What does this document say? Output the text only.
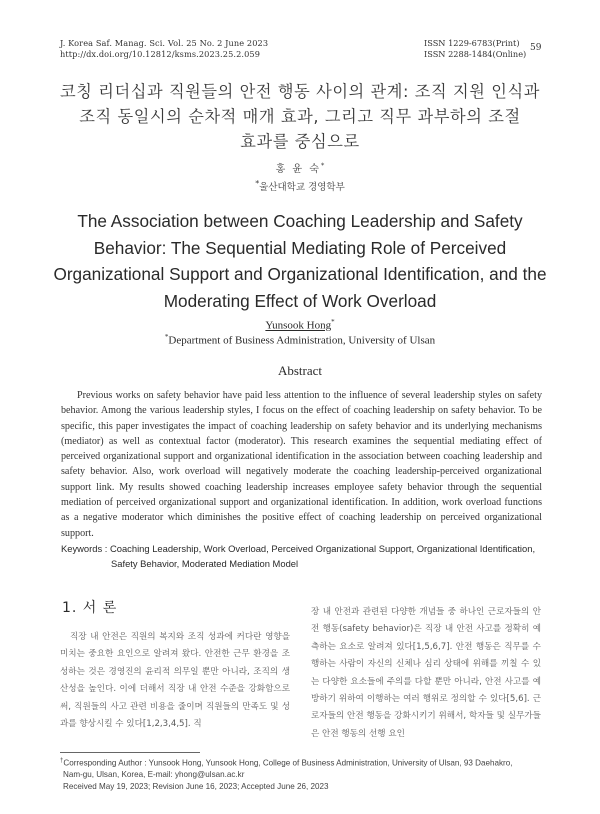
J. Korea Saf. Manag. Sci. Vol. 25 No. 2 June 2023
http://dx.doi.org/10.12812/ksms.2023.25.2.059
ISSN 1229-6783(Print)
ISSN 2288-1484(Online)
59
코칭 리더십과 직원들의 안전 행동 사이의 관계: 조직 지원 인식과
조직 동일시의 순차적 매개 효과, 그리고 직무 과부하의 조절
효과를 중심으로
홍 윤 숙*
*울산대학교 경영학부
The Association between Coaching Leadership and Safety
Behavior: The Sequential Mediating Role of Perceived
Organizational Support and Organizational Identification, and the
Moderating Effect of Work Overload
Yunsook Hong*
*Department of Business Administration, University of Ulsan
Abstract

Previous works on safety behavior have paid less attention to the influence of several leadership styles on safety behavior. Among the various leadership styles, I focus on the effect of coaching leadership on safety behavior. To be specific, this paper investigates the impact of coaching leadership on safety behavior and its underlying mechanisms (mediator) as well as contextual factor (moderator). This research examines the sequential mediating effect of perceived organizational support and organizational identification in the association between coaching leadership and safety behavior. Also, work overload will negatively moderate the coaching leadership-perceived organizational support link. My results showed coaching leadership increases employee safety behavior through the sequential mediation of perceived organizational support and organizational identification. In addition, work overload functions as a negative moderator which diminishes the positive effect of coaching leadership on perceived organizational support.

Keywords : Coaching Leadership, Work Overload, Perceived Organizational Support, Organizational Identification,
Safety Behavior, Moderated Mediation Model

1. 서 론

직장 내 안전은 직원의 복지와 조직 성과에 커다란 영향을 미치는 중요한 요인으로 알려져 왔다. 안전한 근무 환경을 조성하는 것은 경영진의 윤리적 의무일 뿐만 아니라, 조직의 생산성을 높인다. 이에 더해서 직장 내 안전 수준을 강화함으로써, 직원들의 사고 관련 비용을 줄이며 직원들의 만족도 및 성과를 향상시킬 수 있다[1,2,3,4,5]. 직

장 내 안전과 관련된 다양한 개념들 중 하나인 근로자들의 안전 행동(safety behavior)은 직장 내 안전 사고를 정확히 예측하는 요소로 알려져 있다[1,5,6,7]. 안전 행동은 직무를 수행하는 사람이 자신의 신체나 심리 상태에 위해를 끼칠 수 있는 다양한 요소들에 주의를 다할 뿐만 아니라, 안전 사고를 예방하기 위하여 이행하는 여러 행위로 정의할 수 있다[5,6]. 근로자들의 안전 행동을 강화시키기 위해서, 학자들 및 실무가들은 안전 행동의 선행 요인

†Corresponding Author : Yunsook Hong, Yunsook Hong, College of Business Administration, University of Ulsan, 93 Daehakro,
Nam-gu, Ulsan, Korea, E-mail: yhong@ulsan.ac.kr
Received May 19, 2023; Revision June 16, 2023; Accepted June 26, 2023
